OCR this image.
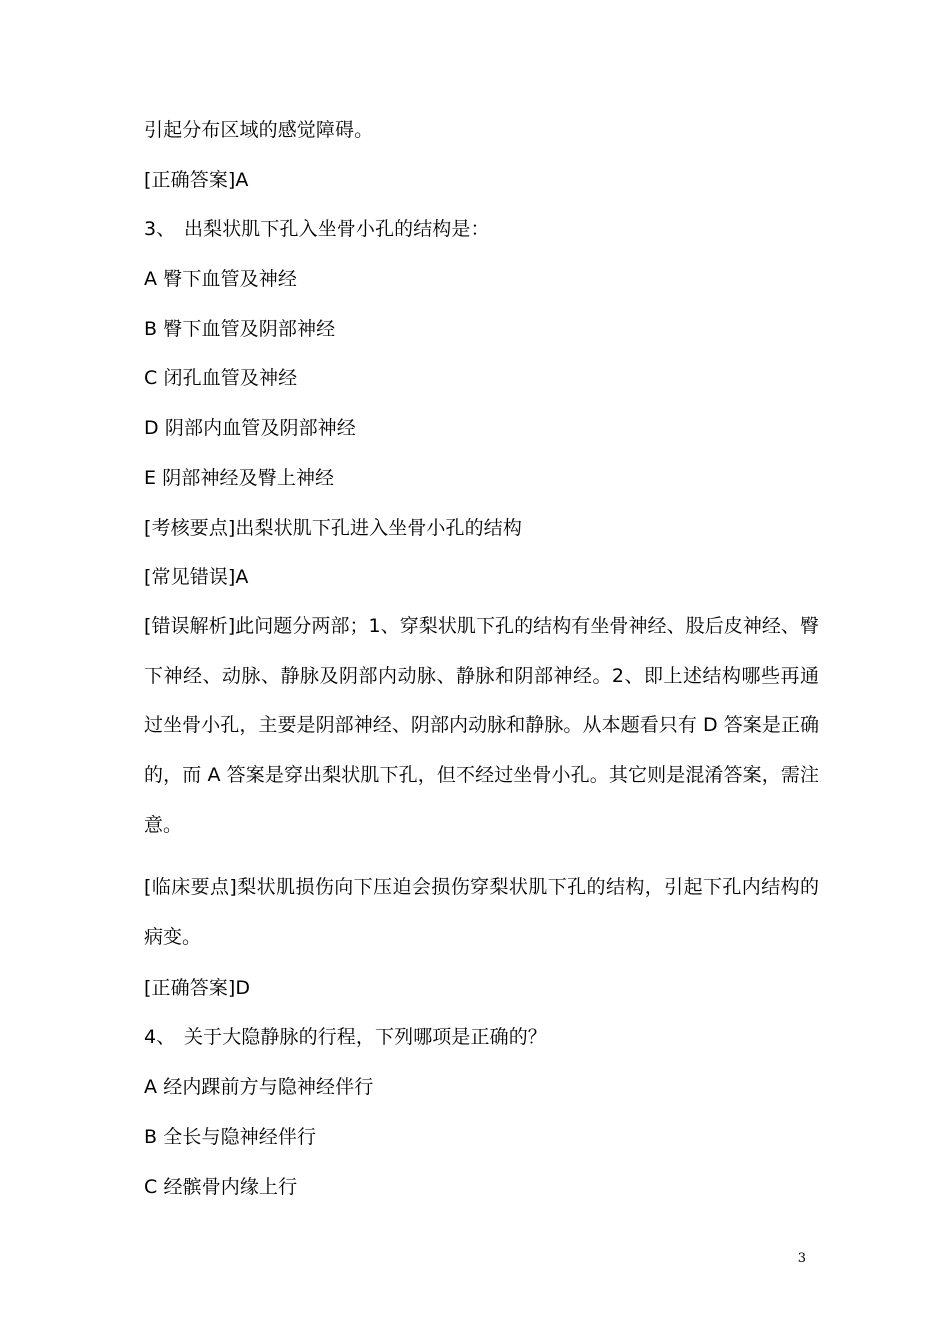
引起分布区域的感觉障碍。
[正确答案]A
3、 出梨状肌下孔入坐骨小孔的结构是：
A 臀下血管及神经
B 臀下血管及阴部神经
C 闭孔血管及神经
D 阴部内血管及阴部神经
E 阴部神经及臀上神经
[考核要点]出梨状肌下孔进入坐骨小孔的结构
[常见错误]A
[错误解析]此问题分两部；1、穿梨状肌下孔的结构有坐骨神经、股后皮神经、臀下神经、动脉、静脉及阴部内动脉、静脉和阴部神经。2、即上述结构哪些再通过坐骨小孔，主要是阴部神经、阴部内动脉和静脉。从本题看只有 D 答案是正确的，而 A 答案是穿出梨状肌下孔，但不经过坐骨小孔。其它则是混淆答案，需注意。
[临床要点]梨状肌损伤向下压迫会损伤穿梨状肌下孔的结构，引起下孔内结构的病变。
[正确答案]D
4、 关于大隐静脉的行程，下列哪项是正确的？
A 经内踝前方与隐神经伴行
B 全长与隐神经伴行
C 经髌骨内缘上行
3
